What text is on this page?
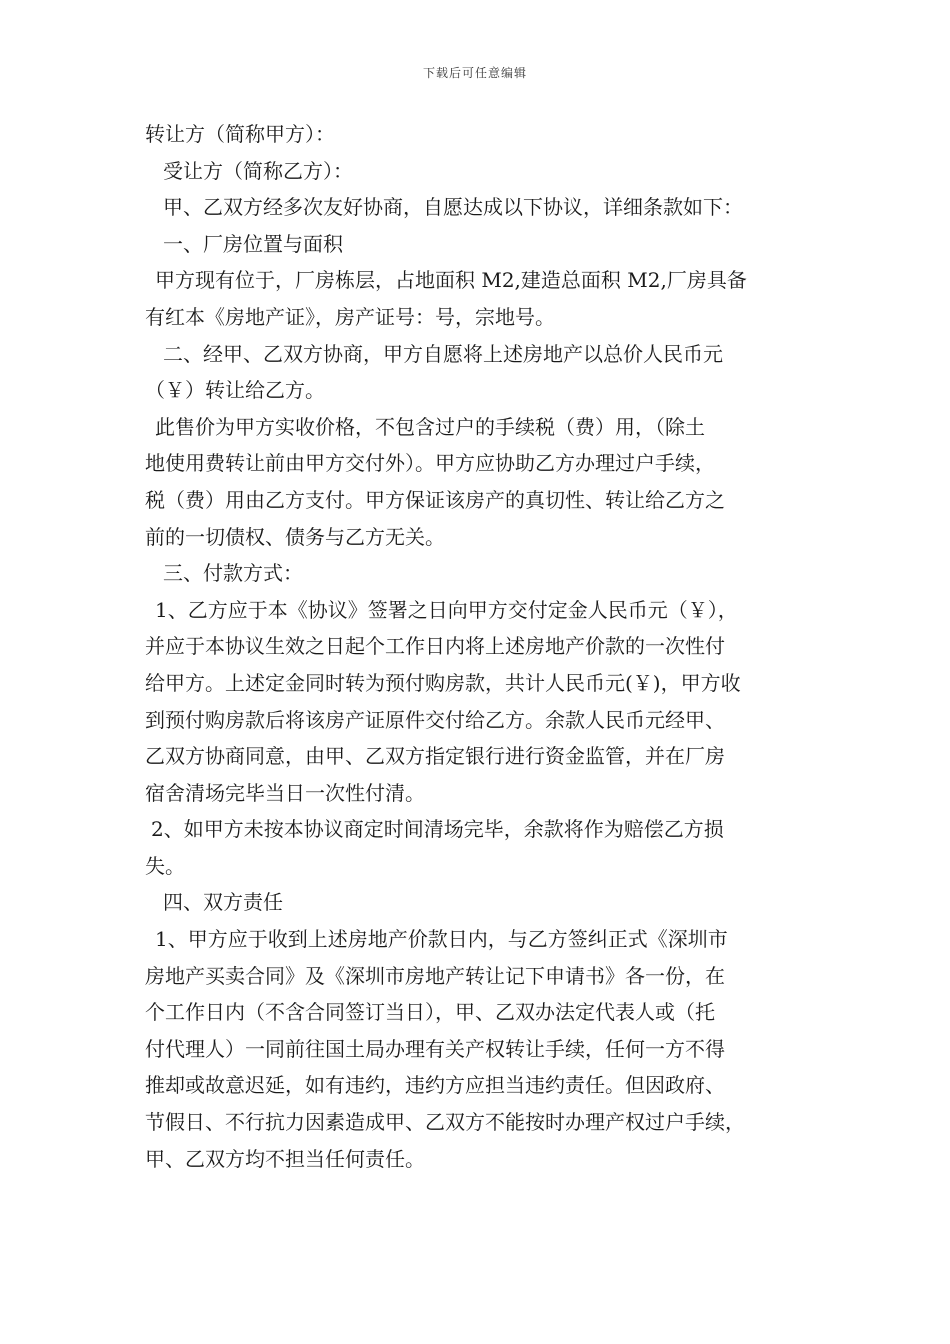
下载后可任意编辑
转让方（简称甲方）：
受让方（简称乙方）：
甲、乙双方经多次友好协商，自愿达成以下协议，详细条款如下：
一、厂房位置与面积
甲方现有位于，厂房栋层，占地面积 M2,建造总面积 M2,厂房具备
有红本《房地产证》，房产证号：号，宗地号。
二、经甲、乙双方协商，甲方自愿将上述房地产以总价人民币元
（￥）转让给乙方。
此售价为甲方实收价格，不包含过户的手续税（费）用，（除土
地使用费转让前由甲方交付外）。甲方应协助乙方办理过户手续，
税（费）用由乙方支付。甲方保证该房产的真切性、转让给乙方之
前的一切债权、债务与乙方无关。
三、付款方式：
1、乙方应于本《协议》签署之日向甲方交付定金人民币元（￥），
并应于本协议生效之日起个工作日内将上述房地产价款的一次性付
给甲方。上述定金同时转为预付购房款，共计人民币元(￥)，甲方收
到预付购房款后将该房产证原件交付给乙方。余款人民币元经甲、
乙双方协商同意，由甲、乙双方指定银行进行资金监管，并在厂房
宿舍清场完毕当日一次性付清。
2、如甲方未按本协议商定时间清场完毕，余款将作为赔偿乙方损
失。
四、双方责任
1、甲方应于收到上述房地产价款日内，与乙方签纠正式《深圳市
房地产买卖合同》及《深圳市房地产转让记下申请书》各一份，在
个工作日内（不含合同签订当日），甲、乙双办法定代表人或（托
付代理人）一同前往国土局办理有关产权转让手续，任何一方不得
推却或故意迟延，如有违约，违约方应担当违约责任。但因政府、
节假日、不行抗力因素造成甲、乙双方不能按时办理产权过户手续，
甲、乙双方均不担当任何责任。
